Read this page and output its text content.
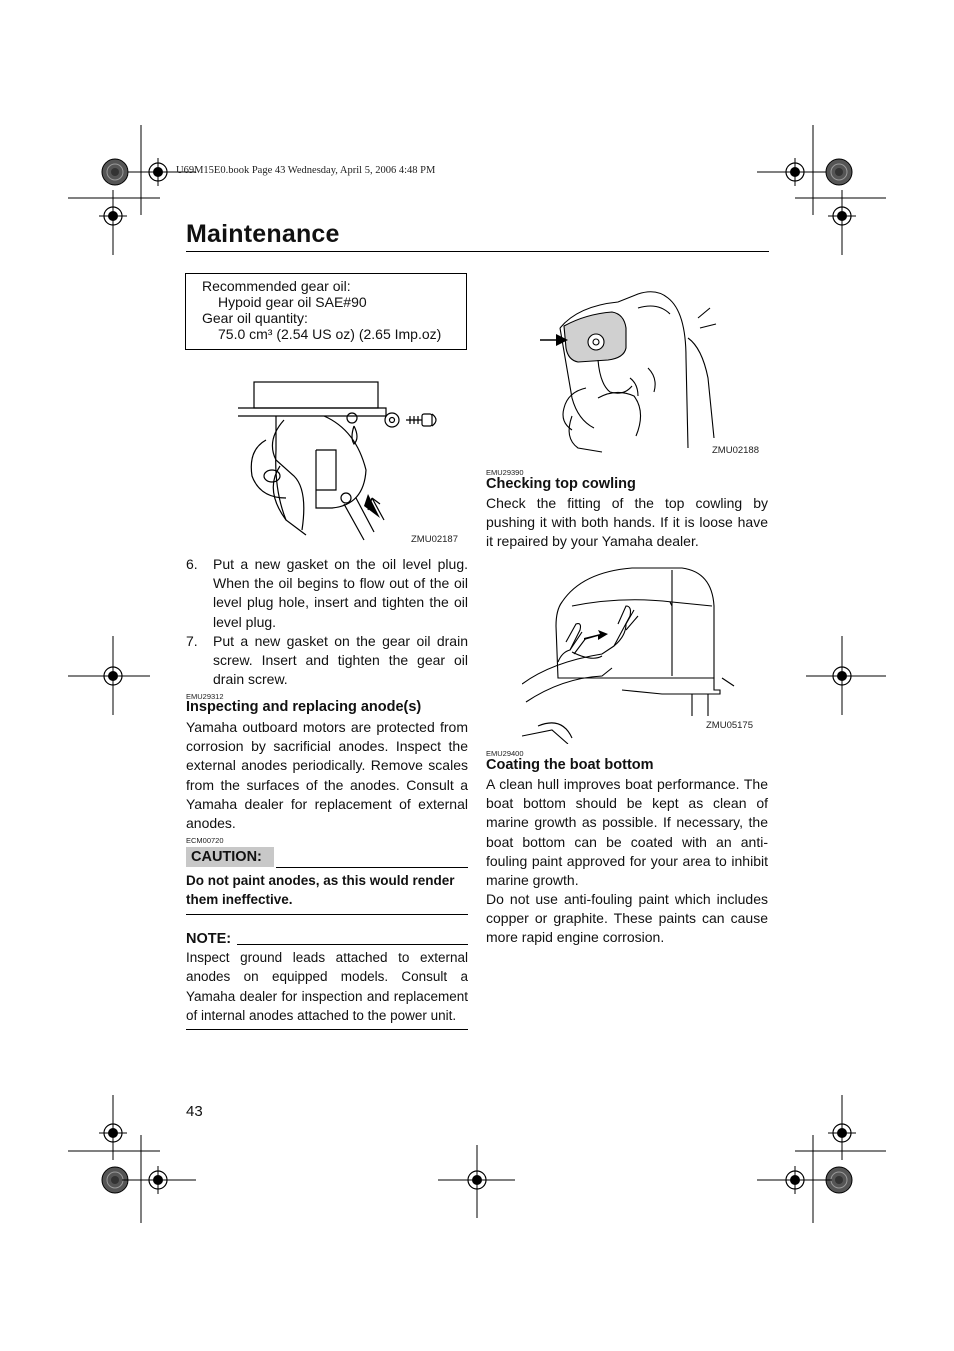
U69M15E0.book Page 43 Wednesday, April 5, 2006 4:48 PM
Maintenance
Recommended gear oil:
Hypoid gear oil SAE#90
Gear oil quantity:
75.0 cm³ (2.54 US oz) (2.65 Imp.oz)
ZMU02187
6. Put a new gasket on the oil level plug. When the oil begins to flow out of the oil level plug hole, insert and tighten the oil level plug.
7. Put a new gasket on the gear oil drain screw. Insert and tighten the gear oil drain screw.
EMU29312
Inspecting and replacing anode(s)
Yamaha outboard motors are protected from corrosion by sacrificial anodes. Inspect the external anodes periodically. Remove scales from the surfaces of the anodes. Consult a Yamaha dealer for replacement of external anodes.
ECM00720
CAUTION:
Do not paint anodes, as this would render them ineffective.
NOTE:
Inspect ground leads attached to external anodes on equipped models. Consult a Yamaha dealer for inspection and replacement of internal anodes attached to the power unit.
ZMU02188
EMU29390
Checking top cowling
Check the fitting of the top cowling by pushing it with both hands. If it is loose have it repaired by your Yamaha dealer.
ZMU05175
EMU29400
Coating the boat bottom
A clean hull improves boat performance. The boat bottom should be kept as clean of marine growth as possible. If necessary, the boat bottom can be coated with an anti-fouling paint approved for your area to inhibit marine growth.
Do not use anti-fouling paint which includes copper or graphite. These paints can cause more rapid engine corrosion.
43
